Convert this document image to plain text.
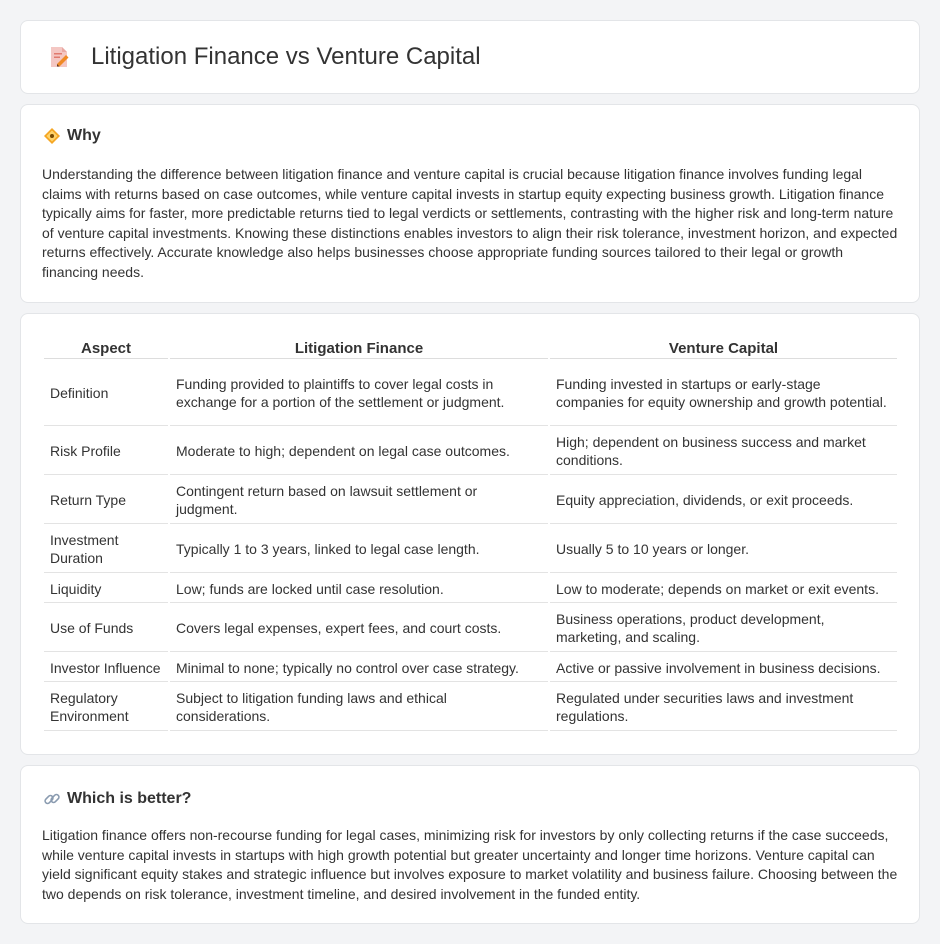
Litigation Finance vs Venture Capital
Why

Understanding the difference between litigation finance and venture capital is crucial because litigation finance involves funding legal claims with returns based on case outcomes, while venture capital invests in startup equity expecting business growth. Litigation finance typically aims for faster, more predictable returns tied to legal verdicts or settlements, contrasting with the higher risk and long-term nature of venture capital investments. Knowing these distinctions enables investors to align their risk tolerance, investment horizon, and expected returns effectively. Accurate knowledge also helps businesses choose appropriate funding sources tailored to their legal or growth financing needs.

Aspect	Litigation Finance	Venture Capital
Definition	Funding provided to plaintiffs to cover legal costs in exchange for a portion of the settlement or judgment.	Funding invested in startups or early-stage companies for equity ownership and growth potential.
Risk Profile	Moderate to high; dependent on legal case outcomes.	High; dependent on business success and market conditions.
Return Type	Contingent return based on lawsuit settlement or judgment.	Equity appreciation, dividends, or exit proceeds.
Investment Duration	Typically 1 to 3 years, linked to legal case length.	Usually 5 to 10 years or longer.
Liquidity	Low; funds are locked until case resolution.	Low to moderate; depends on market or exit events.
Use of Funds	Covers legal expenses, expert fees, and court costs.	Business operations, product development, marketing, and scaling.
Investor Influence	Minimal to none; typically no control over case strategy.	Active or passive involvement in business decisions.
Regulatory Environment	Subject to litigation funding laws and ethical considerations.	Regulated under securities laws and investment regulations.
Which is better?

Litigation finance offers non-recourse funding for legal cases, minimizing risk for investors by only collecting returns if the case succeeds, while venture capital invests in startups with high growth potential but greater uncertainty and longer time horizons. Venture capital can yield significant equity stakes and strategic influence but involves exposure to market volatility and business failure. Choosing between the two depends on risk tolerance, investment timeline, and desired involvement in the funded entity.
